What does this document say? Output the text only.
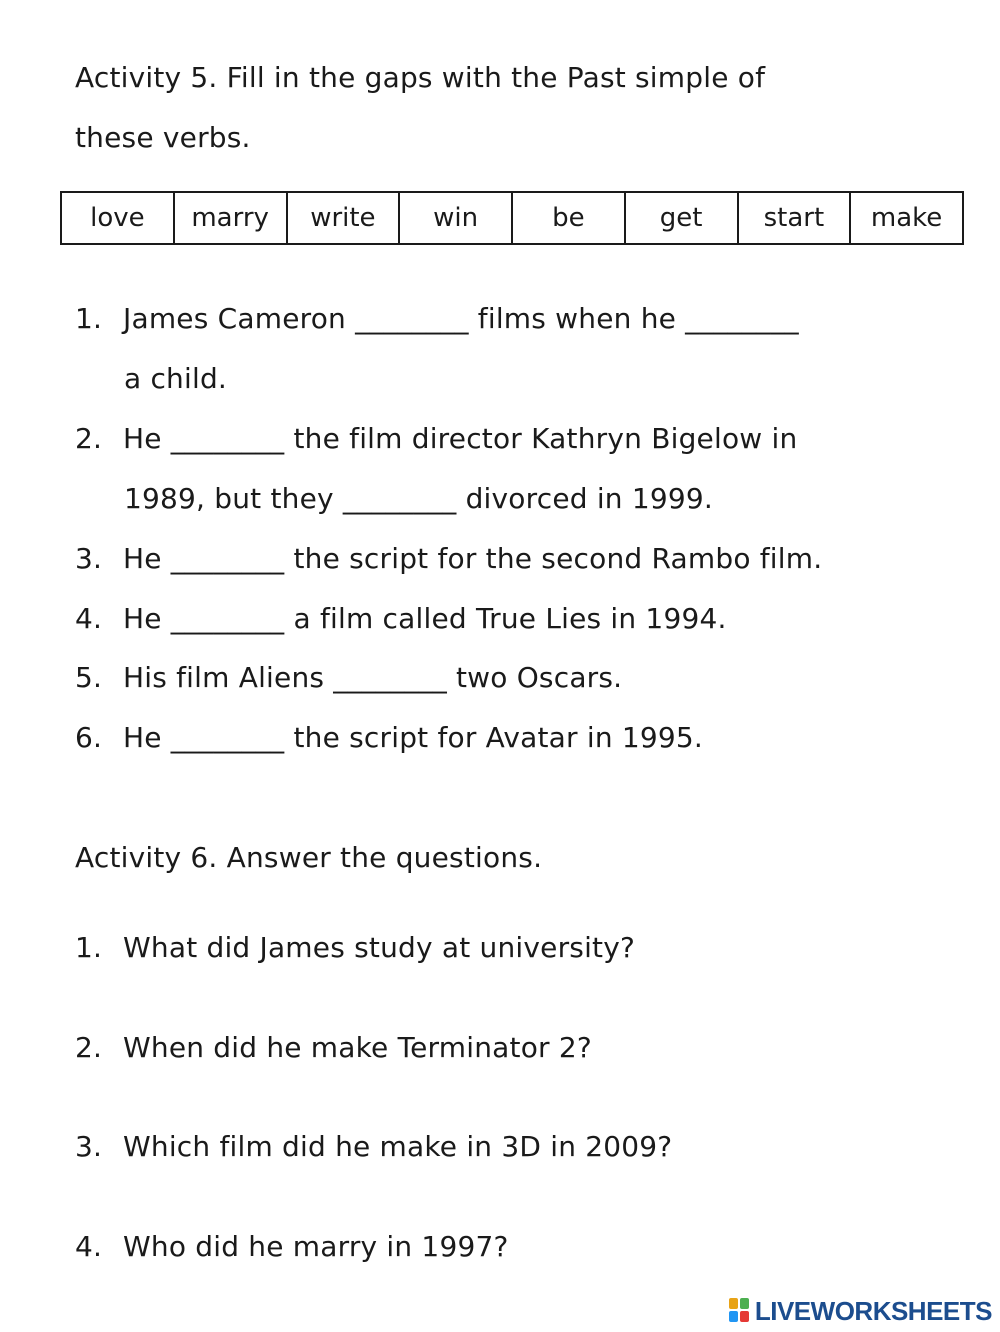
Activity 5. Fill in the gaps with the Past simple of
these verbs.
love	marry	write	win	be	get	start	make
1. James Cameron ________ films when he ________
a child.
2. He ________ the film director Kathryn Bigelow in
1989, but they ________ divorced in 1999.
3. He ________ the script for the second Rambo film.
4. He ________ a film called True Lies in 1994.
5. His film Aliens ________ two Oscars.
6. He ________ the script for Avatar in 1995.
Activity 6. Answer the questions.
1. What did James study at university?
2. When did he make Terminator 2?
3. Which film did he make in 3D in 2009?
4. Who did he marry in 1997?
LIVEWORKSHEETS
